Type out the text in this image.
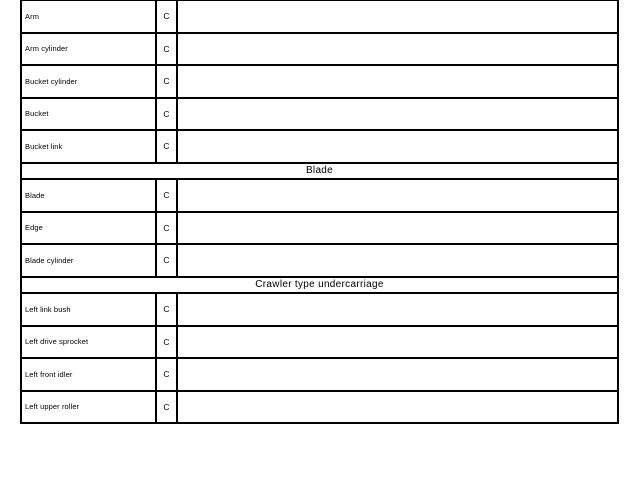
Arm	C	
Arm cylinder	C	
Bucket cylinder	C	
Bucket	C	
Bucket link	C	
Blade		
Blade	C	
Edge	C	
Blade cylinder	C	
Crawler type undercarriage		
Left link bush	C	
Left drive sprocket	C	
Left front idler	C	
Left upper roller	C	
